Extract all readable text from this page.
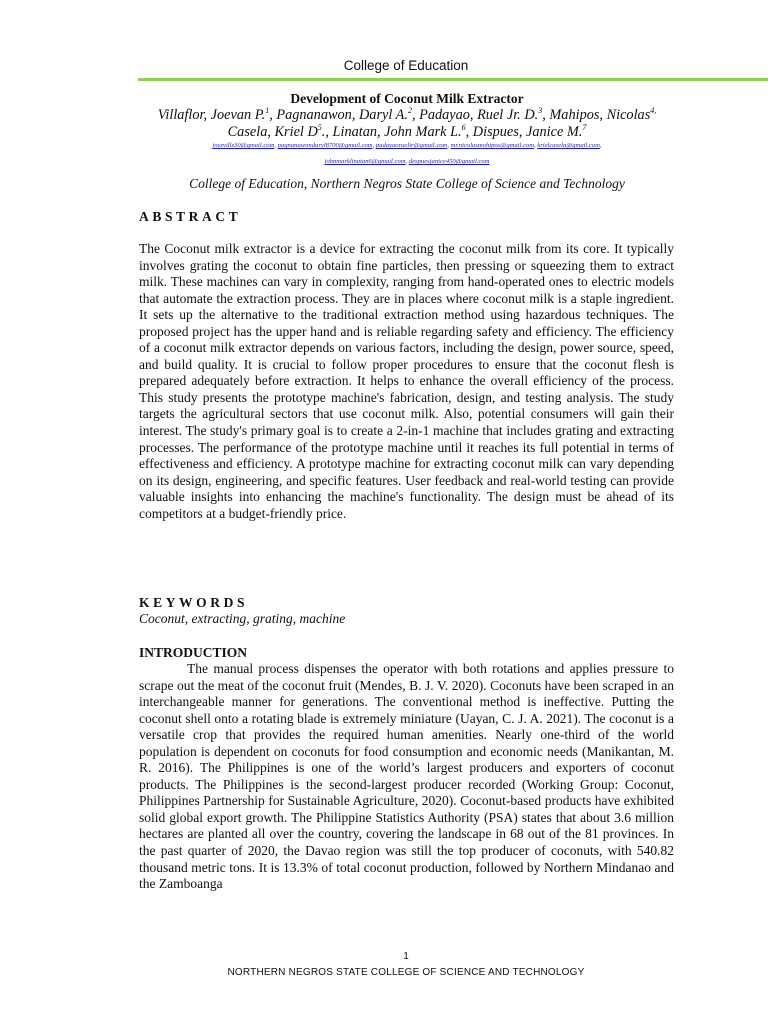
College of Education
Development of Coconut Milk Extractor
Villaflor, Joevan P.$^1$, Pagnanawon, Daryl A.$^2$, Padayao, Ruel Jr. D.$^3$, Mahipos, Nicolas$^{4,}$ Casela, Kriel $D^5$., Linatan, John Mark L.$^6$, Dispues, Janice M.$^7$
joyzvillz30@gmail.com, pagnanawondaryl8700@gmail.com, padayaoruelir@gmail.com, mr.nicolasmohipos@gmail.com, krielcasela@gmail.com,
johnmarklinatan6@gmail.com, despuesjanice450@gmail.com
College of Education, Northern Negros State College of Science and Technology
ABSTRACT

The Coconut milk extractor is a device for extracting the coconut milk from its core. It typically involves grating the coconut to obtain fine particles, then pressing or squeezing them to extract milk. These machines can vary in complexity, ranging from hand-operated ones to electric models that automate the extraction process. They are in places where coconut milk is a staple ingredient. It sets up the alternative to the traditional extraction method using hazardous techniques. The proposed project has the upper hand and is reliable regarding safety and efficiency. The efficiency of a coconut milk extractor depends on various factors, including the design, power source, speed, and build quality. It is crucial to follow proper procedures to ensure that the coconut flesh is prepared adequately before extraction. It helps to enhance the overall efficiency of the process. This study presents the prototype machine's fabrication, design, and testing analysis. The study targets the agricultural sectors that use coconut milk. Also, potential consumers will gain their interest. The study's primary goal is to create a 2-in-1 machine that includes grating and extracting processes. The performance of the prototype machine until it reaches its full potential in terms of effectiveness and efficiency. A prototype machine for extracting coconut milk can vary depending on its design, engineering, and specific features. User feedback and real-world testing can provide valuable insights into enhancing the machine's functionality. The design must be ahead of its competitors at a budget-friendly price.

KEYWORDS
Coconut, extracting, grating, machine
INTRODUCTION

The manual process dispenses the operator with both rotations and applies pressure to scrape out the meat of the coconut fruit (Mendes, B. J. V. 2020). Coconuts have been scraped in an interchangeable manner for generations. The conventional method is ineffective. Putting the coconut shell onto a rotating blade is extremely miniature (Uayan, C. J. A. 2021). The coconut is a versatile crop that provides the required human amenities. Nearly one-third of the world population is dependent on coconuts for food consumption and economic needs (Manikantan, M. R. 2016). The Philippines is one of the world’s largest producers and exporters of coconut products. The Philippines is the second-largest producer recorded (Working Group: Coconut, Philippines Partnership for Sustainable Agriculture, 2020). Coconut-based products have exhibited solid global export growth. The Philippine Statistics Authority (PSA) states that about 3.6 million hectares are planted all over the country, covering the landscape in 68 out of the 81 provinces. In the past quarter of 2020, the Davao region was still the top producer of coconuts, with 540.82 thousand metric tons. It is 13.3% of total coconut production, followed by Northern Mindanao and the Zamboanga

1
NORTHERN NEGROS STATE COLLEGE OF SCIENCE AND TECHNOLOGY
